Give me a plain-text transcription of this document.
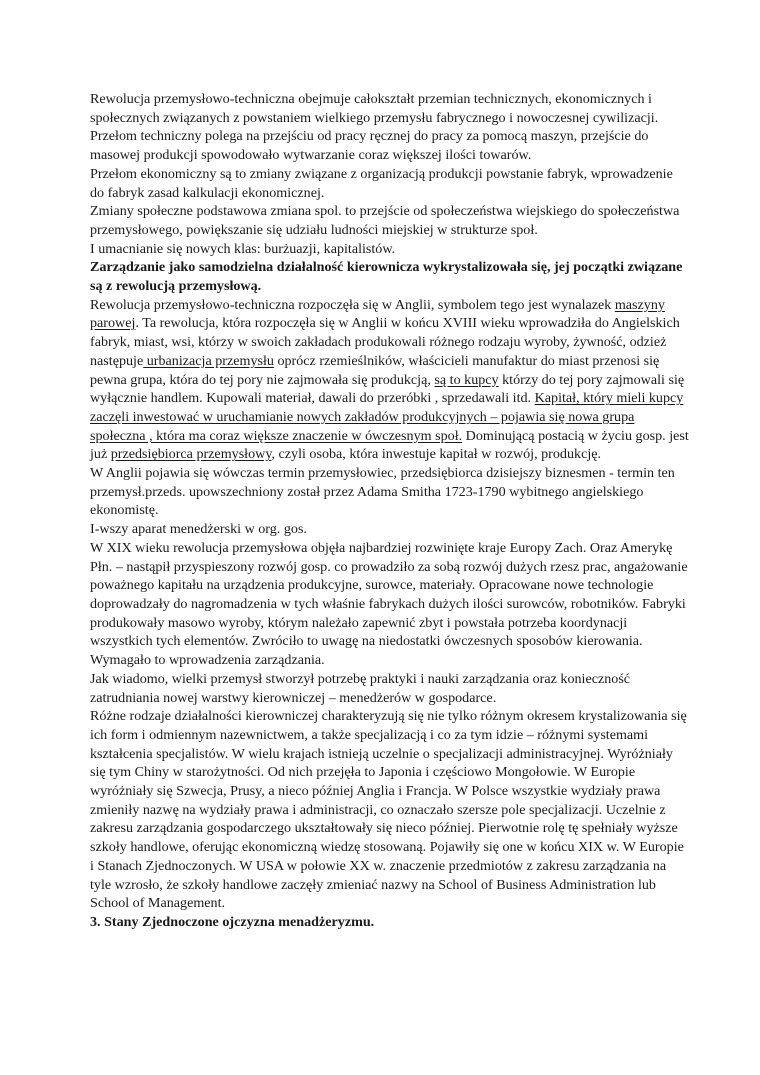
Rewolucja przemysłowo-techniczna obejmuje całokształt przemian technicznych, ekonomicznych i społecznych związanych z powstaniem wielkiego przemysłu fabrycznego i nowoczesnej cywilizacji.

Przełom techniczny polega na przejściu od pracy ręcznej do pracy za pomocą maszyn, przejście do masowej produkcji spowodowało wytwarzanie coraz większej ilości towarów.

Przełom ekonomiczny są to zmiany związane z organizacją produkcji powstanie fabryk, wprowadzenie do fabryk zasad kalkulacji ekonomicznej.

Zmiany społeczne podstawowa zmiana spol. to przejście od społeczeństwa wiejskiego do społeczeństwa przemysłowego, powiększanie się udziału ludności miejskiej w strukturze społ.

I umacnianie się nowych klas: burżuazji, kapitalistów.

Zarządzanie jako samodzielna działalność kierownicza wykrystalizowała się, jej początki związane są z rewolucją przemysłową.

Rewolucja przemysłowo-techniczna rozpoczęła się w Anglii, symbolem tego jest wynalazek maszyny parowej. Ta rewolucja, która rozpoczęła się w Anglii w końcu XVIII wieku wprowadziła do Angielskich fabryk, miast, wsi, którzy w swoich zakładach produkowali różnego rodzaju wyroby, żywność, odzież następuje urbanizacja przemysłu oprócz rzemieślników, właścicieli manufaktur do miast przenosi się pewna grupa, która do tej pory nie zajmowała się produkcją, są to kupcy którzy do tej pory zajmowali się wyłącznie handlem. Kupowali materiał, dawali do przeróbki , sprzedawali itd. Kapitał, który mieli kupcy zaczęli inwestować w uruchamianie nowych zakładów produkcyjnych – pojawia się nowa grupa społeczna , która ma coraz większe znaczenie w ówczesnym społ. Dominującą postacią w życiu gosp. jest już przedsiębiorca przemysłowy, czyli osoba, która inwestuje kapitał w rozwój, produkcję.

W Anglii pojawia się wówczas termin przemysłowiec, przedsiębiorca dzisiejszy biznesmen - termin ten przemysł.przeds. upowszechniony został przez Adama Smitha 1723-1790 wybitnego angielskiego ekonomistę.

I-wszy aparat menedżerski w org. gos.

W XIX wieku rewolucja przemysłowa objęła najbardziej rozwinięte kraje Europy Zach. Oraz Amerykę Płn. – nastąpił przyspieszony rozwój gosp. co prowadziło za sobą rozwój dużych rzesz prac, angażowanie poważnego kapitału na urządzenia produkcyjne, surowce, materiały. Opracowane nowe technologie doprowadzały do nagromadzenia w tych właśnie fabrykach dużych ilości surowców, robotników. Fabryki produkowały masowo wyroby, którym należało zapewnić zbyt i powstała potrzeba koordynacji wszystkich tych elementów. Zwróciło to uwagę na niedostatki ówczesnych sposobów kierowania. Wymagało to wprowadzenia zarządzania.

Jak wiadomo, wielki przemysł stworzył potrzebę praktyki i nauki zarządzania oraz konieczność zatrudniania nowej warstwy kierowniczej – menedżerów w gospodarce.

Różne rodzaje działalności kierowniczej charakteryzują się nie tylko różnym okresem krystalizowania się ich form i odmiennym nazewnictwem, a także specjalizacją i co za tym idzie – różnymi systemami kształcenia specjalistów. W wielu krajach istnieją uczelnie o specjalizacji administracyjnej. Wyróżniały się tym Chiny w starożytności. Od nich przejęła to Japonia i częściowo Mongołowie. W Europie wyróżniały się Szwecja, Prusy, a nieco później Anglia i Francja. W Polsce wszystkie wydziały prawa zmieniły nazwę na wydziały prawa i administracji, co oznaczało szersze pole specjalizacji. Uczelnie z zakresu zarządzania gospodarczego ukształtowały się nieco później. Pierwotnie rolę tę spełniały wyższe szkoły handlowe, oferując ekonomiczną wiedzę stosowaną. Pojawiły się one w końcu XIX w. W Europie i Stanach Zjednoczonych. W USA w połowie XX w. znaczenie przedmiotów z zakresu zarządzania na tyle wzrosło, że szkoły handlowe zaczęły zmieniać nazwy na School of Business Administration lub School of Management.

3. Stany Zjednoczone ojczyzna menadżeryzmu.
